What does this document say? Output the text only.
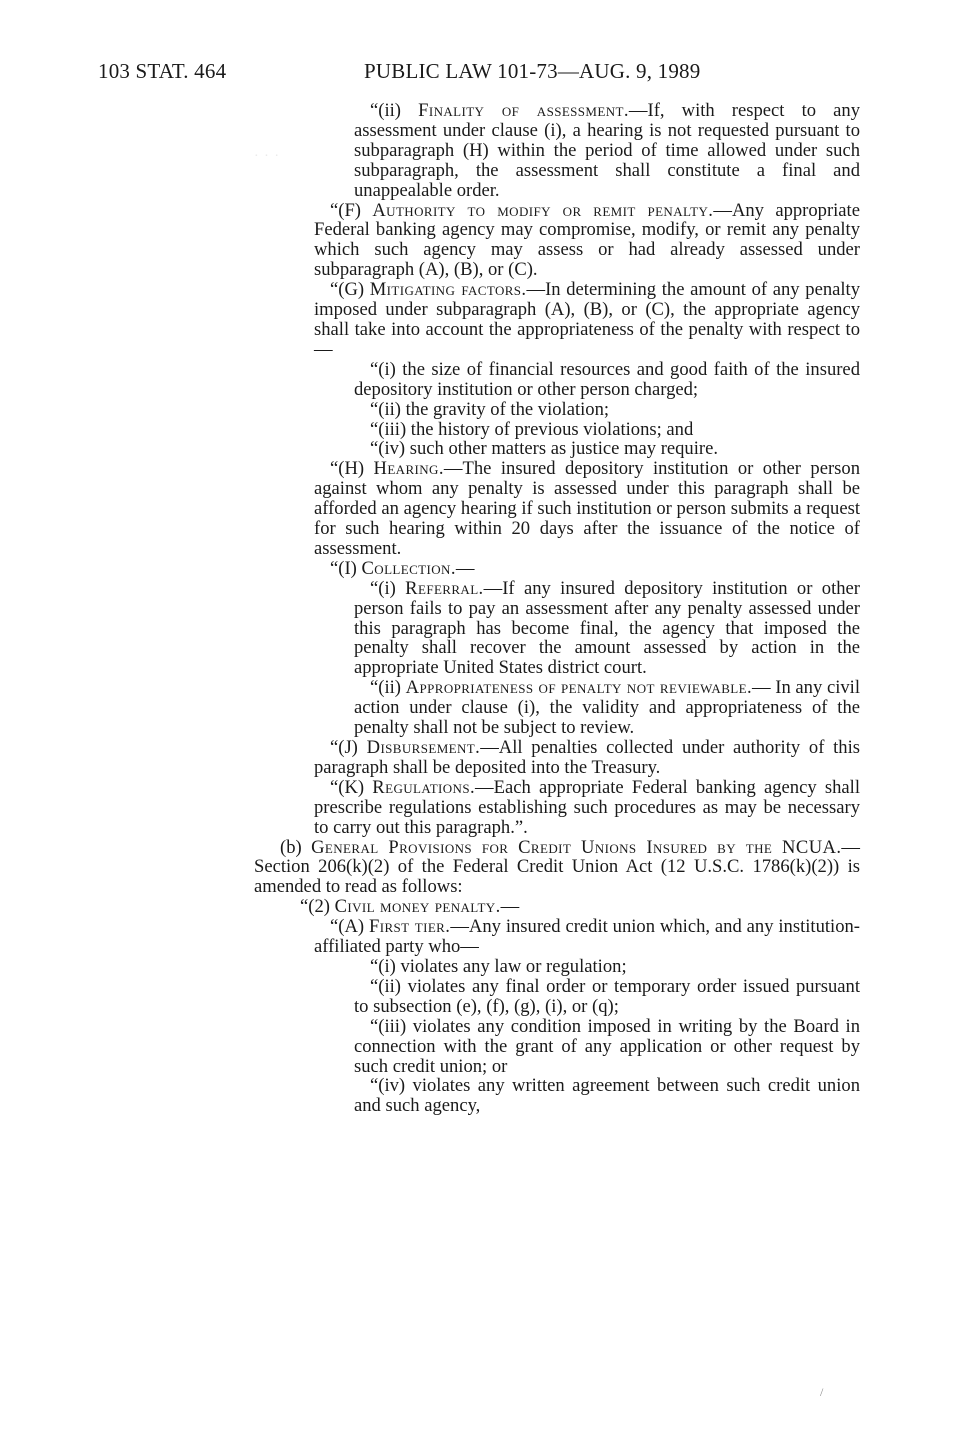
· · ·
103 STAT. 464	PUBLIC LAW 101-73—AUG. 9, 1989

“(ii) Finality of assessment.—If, with respect to any assessment under clause (i), a hearing is not requested pursuant to subparagraph (H) within the period of time allowed under such subparagraph, the assessment shall constitute a final and unappealable order.

“(F) Authority to modify or remit penalty.—Any appropriate Federal banking agency may compromise, modify, or remit any penalty which such agency may assess or had already assessed under subparagraph (A), (B), or (C).

“(G) Mitigating factors.—In determining the amount of any penalty imposed under subparagraph (A), (B), or (C), the appropriate agency shall take into account the appropriateness of the penalty with respect to—

“(i) the size of financial resources and good faith of the insured depository institution or other person charged;

“(ii) the gravity of the violation;

“(iii) the history of previous violations; and

“(iv) such other matters as justice may require.

“(H) Hearing.—The insured depository institution or other person against whom any penalty is assessed under this paragraph shall be afforded an agency hearing if such institution or person submits a request for such hearing within 20 days after the issuance of the notice of assessment.

“(I) Collection.—

“(i) Referral.—If any insured depository institution or other person fails to pay an assessment after any penalty assessed under this paragraph has become final, the agency that imposed the penalty shall recover the amount assessed by action in the appropriate United States district court.

“(ii) Appropriateness of penalty not reviewable.— In any civil action under clause (i), the validity and appropriateness of the penalty shall not be subject to review.

“(J) Disbursement.—All penalties collected under authority of this paragraph shall be deposited into the Treasury.

“(K) Regulations.—Each appropriate Federal banking agency shall prescribe regulations establishing such procedures as may be necessary to carry out this paragraph.”.

(b) General Provisions for Credit Unions Insured by the NCUA.—Section 206(k)(2) of the Federal Credit Union Act (12 U.S.C. 1786(k)(2)) is amended to read as follows:

“(2) Civil money penalty.—

“(A) First tier.—Any insured credit union which, and any institution-affiliated party who—

“(i) violates any law or regulation;

“(ii) violates any final order or temporary order issued pursuant to subsection (e), (f), (g), (i), or (q);

“(iii) violates any condition imposed in writing by the Board in connection with the grant of any application or other request by such credit union; or

“(iv) violates any written agreement between such credit union and such agency,

/
